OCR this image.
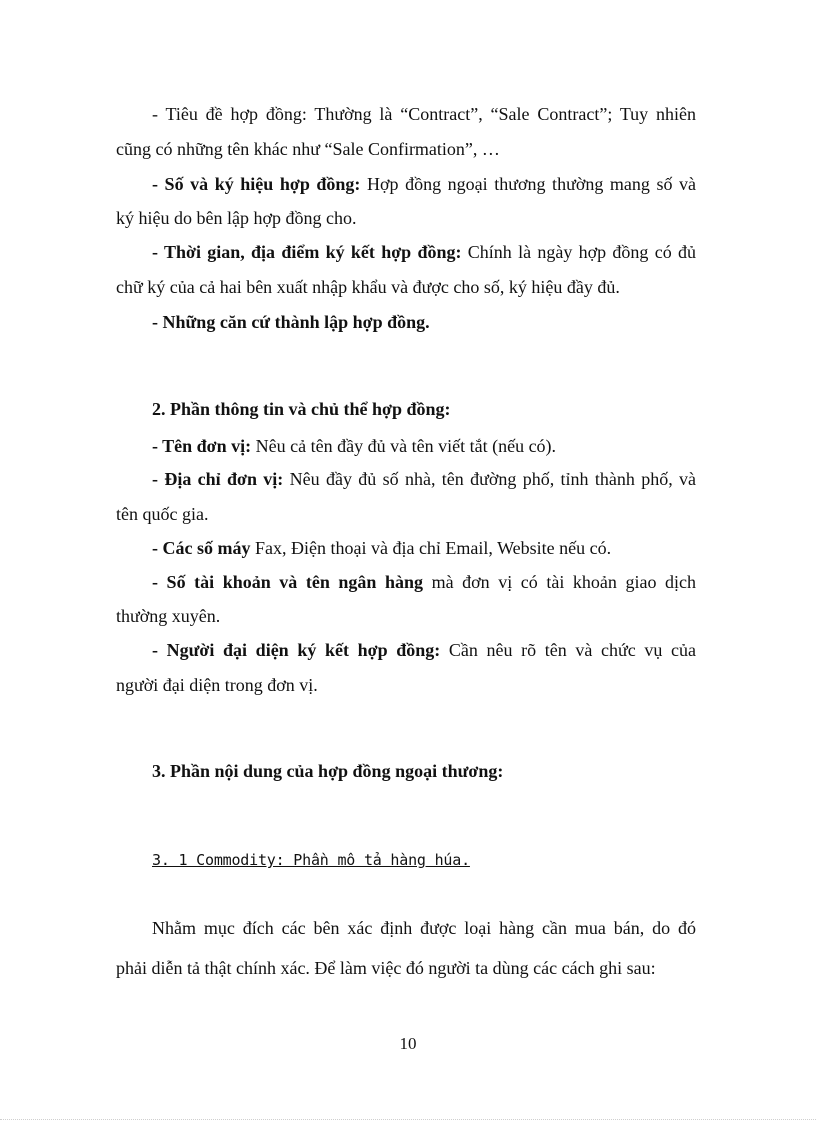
- Tiêu đề hợp đồng: Thường là “Contract”, “Sale Contract”; Tuy nhiên
cũng có những tên khác như “Sale Confirmation”, …
- Số và ký hiệu hợp đồng: Hợp đồng ngoại thương thường mang số và
ký hiệu do bên lập hợp đồng cho.
- Thời gian, địa điểm ký kết hợp đồng: Chính là ngày hợp đồng có đủ
chữ ký của cả hai bên xuất nhập khẩu và được cho số, ký hiệu đầy đủ.
- Những căn cứ thành lập hợp đồng.
2. Phần thông tin và chủ thể hợp đồng:
- Tên đơn vị: Nêu cả tên đầy đủ và tên viết tắt (nếu có).
- Địa chỉ đơn vị: Nêu đầy đủ số nhà, tên đường phố, tỉnh thành phố, và
tên quốc gia.
- Các số máy Fax, Điện thoại và địa chỉ Email, Website nếu có.
- Số tài khoản và tên ngân hàng mà đơn vị có tài khoản giao dịch
thường xuyên.
- Người đại diện ký kết hợp đồng: Cần nêu rõ tên và chức vụ của
người đại diện trong đơn vị.
3. Phần nội dung của hợp đồng ngoại thương:
3. 1 Commodity: Phần mô tả hàng húa.
Nhằm mục đích các bên xác định được loại hàng cần mua bán, do đó
phải diễn tả thật chính xác. Để làm việc đó người ta dùng các cách ghi sau:
10
